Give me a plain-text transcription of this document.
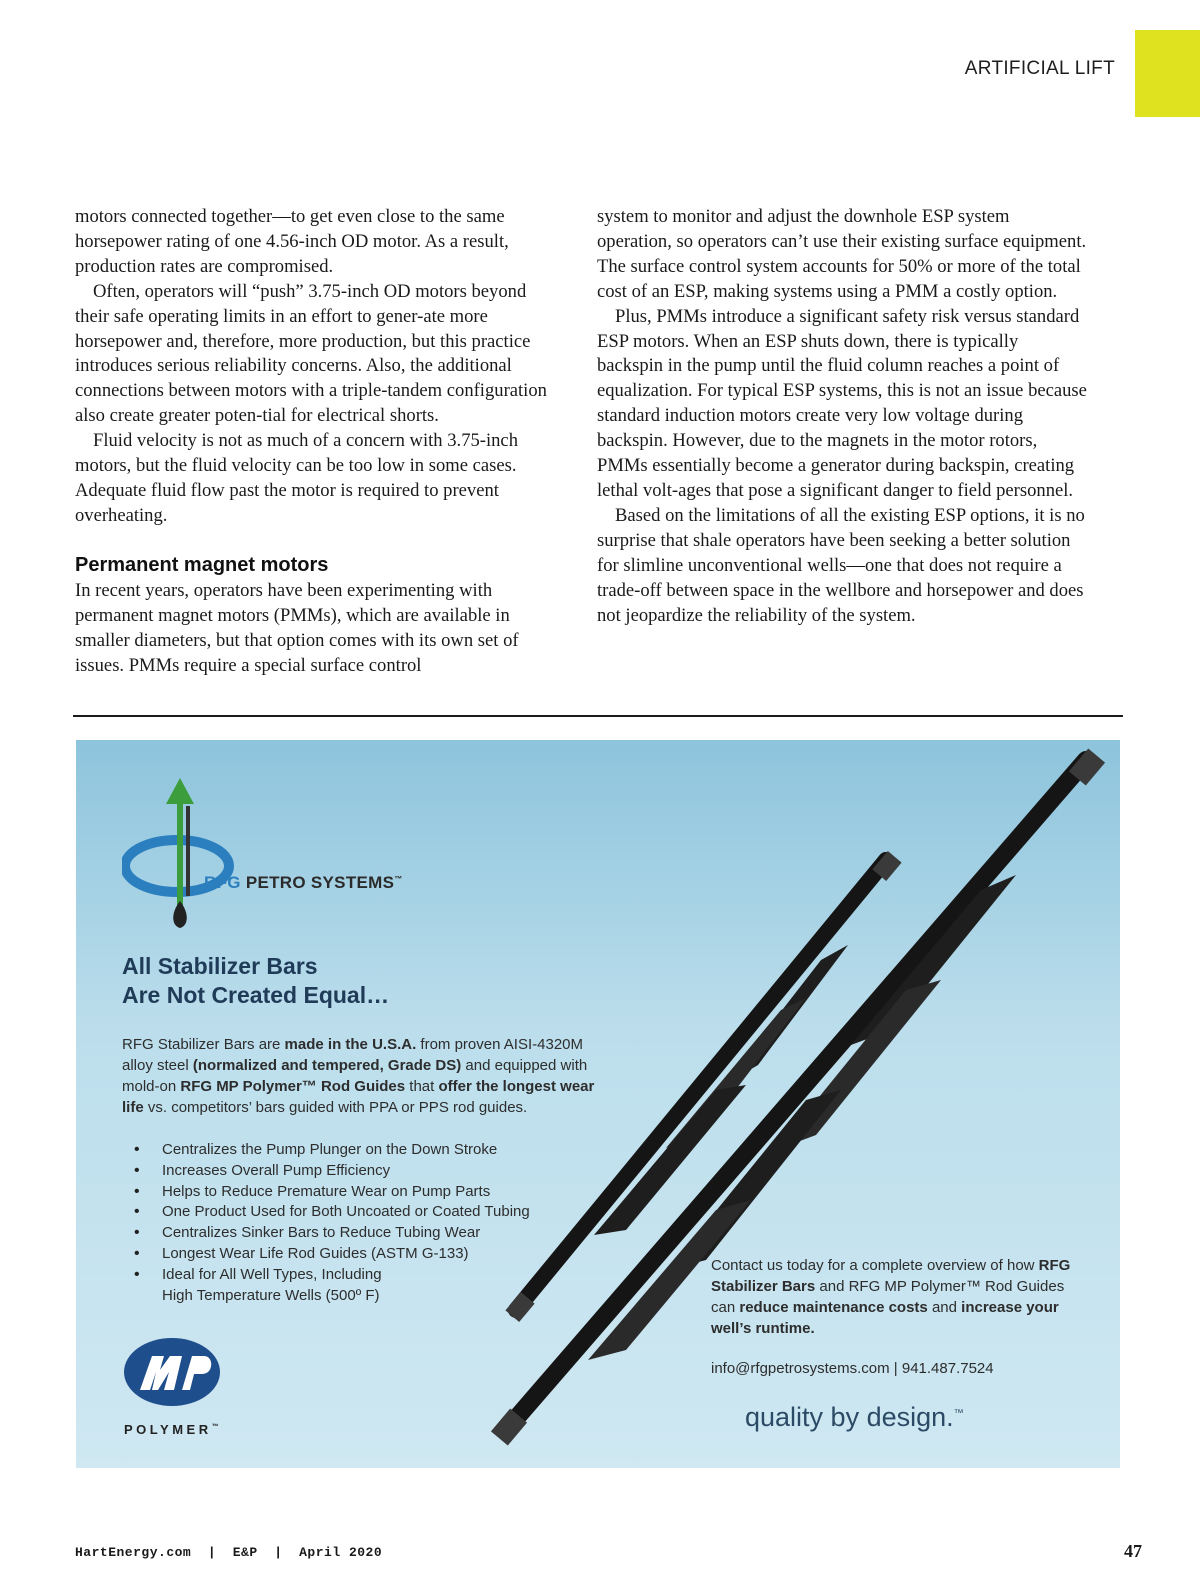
ARTIFICIAL LIFT

motors connected together—to get even close to the same horsepower rating of one 4.56-inch OD motor. As a result, production rates are compromised.

Often, operators will “push” 3.75-inch OD motors beyond their safe operating limits in an effort to gener-ate more horsepower and, therefore, more production, but this practice introduces serious reliability concerns. Also, the additional connections between motors with a triple-tandem configuration also create greater poten-tial for electrical shorts.

Fluid velocity is not as much of a concern with 3.75-inch motors, but the fluid velocity can be too low in some cases. Adequate fluid flow past the motor is required to prevent overheating.

Permanent magnet motors

In recent years, operators have been experimenting with permanent magnet motors (PMMs), which are available in smaller diameters, but that option comes with its own set of issues. PMMs require a special surface control

system to monitor and adjust the downhole ESP system operation, so operators can’t use their existing surface equipment. The surface control system accounts for 50% or more of the total cost of an ESP, making systems using a PMM a costly option.

Plus, PMMs introduce a significant safety risk versus standard ESP motors. When an ESP shuts down, there is typically backspin in the pump until the fluid column reaches a point of equalization. For typical ESP systems, this is not an issue because standard induction motors create very low voltage during backspin. However, due to the magnets in the motor rotors, PMMs essentially become a generator during backspin, creating lethal volt-ages that pose a significant danger to field personnel.

Based on the limitations of all the existing ESP options, it is no surprise that shale operators have been seeking a better solution for slimline unconventional wells—one that does not require a trade-off between space in the wellbore and horsepower and does not jeopardize the reliability of the system.

RFG PETRO SYSTEMS™
All Stabilizer Bars
Are Not Created Equal…
RFG Stabilizer Bars are made in the U.S.A. from proven AISI-4320M alloy steel (normalized and tempered, Grade DS) and equipped with mold-on RFG MP Polymer™ Rod Guides that offer the longest wear life vs. competitors’ bars guided with PPA or PPS rod guides.
• Centralizes the Pump Plunger on the Down Stroke
• Increases Overall Pump Efficiency
• Helps to Reduce Premature Wear on Pump Parts
• One Product Used for Both Uncoated or Coated Tubing
• Centralizes Sinker Bars to Reduce Tubing Wear
• Longest Wear Life Rod Guides (ASTM G-133)
• Ideal for All Well Types, Including
High Temperature Wells (500º F)
POLYMER™
Contact us today for a complete overview of how RFG Stabilizer Bars and RFG MP Polymer™ Rod Guides can reduce maintenance costs and increase your well’s runtime.
info@rfgpetrosystems.com | 941.487.7524
quality by design.™
HartEnergy.com  |  E&P  |  April 2020	47
